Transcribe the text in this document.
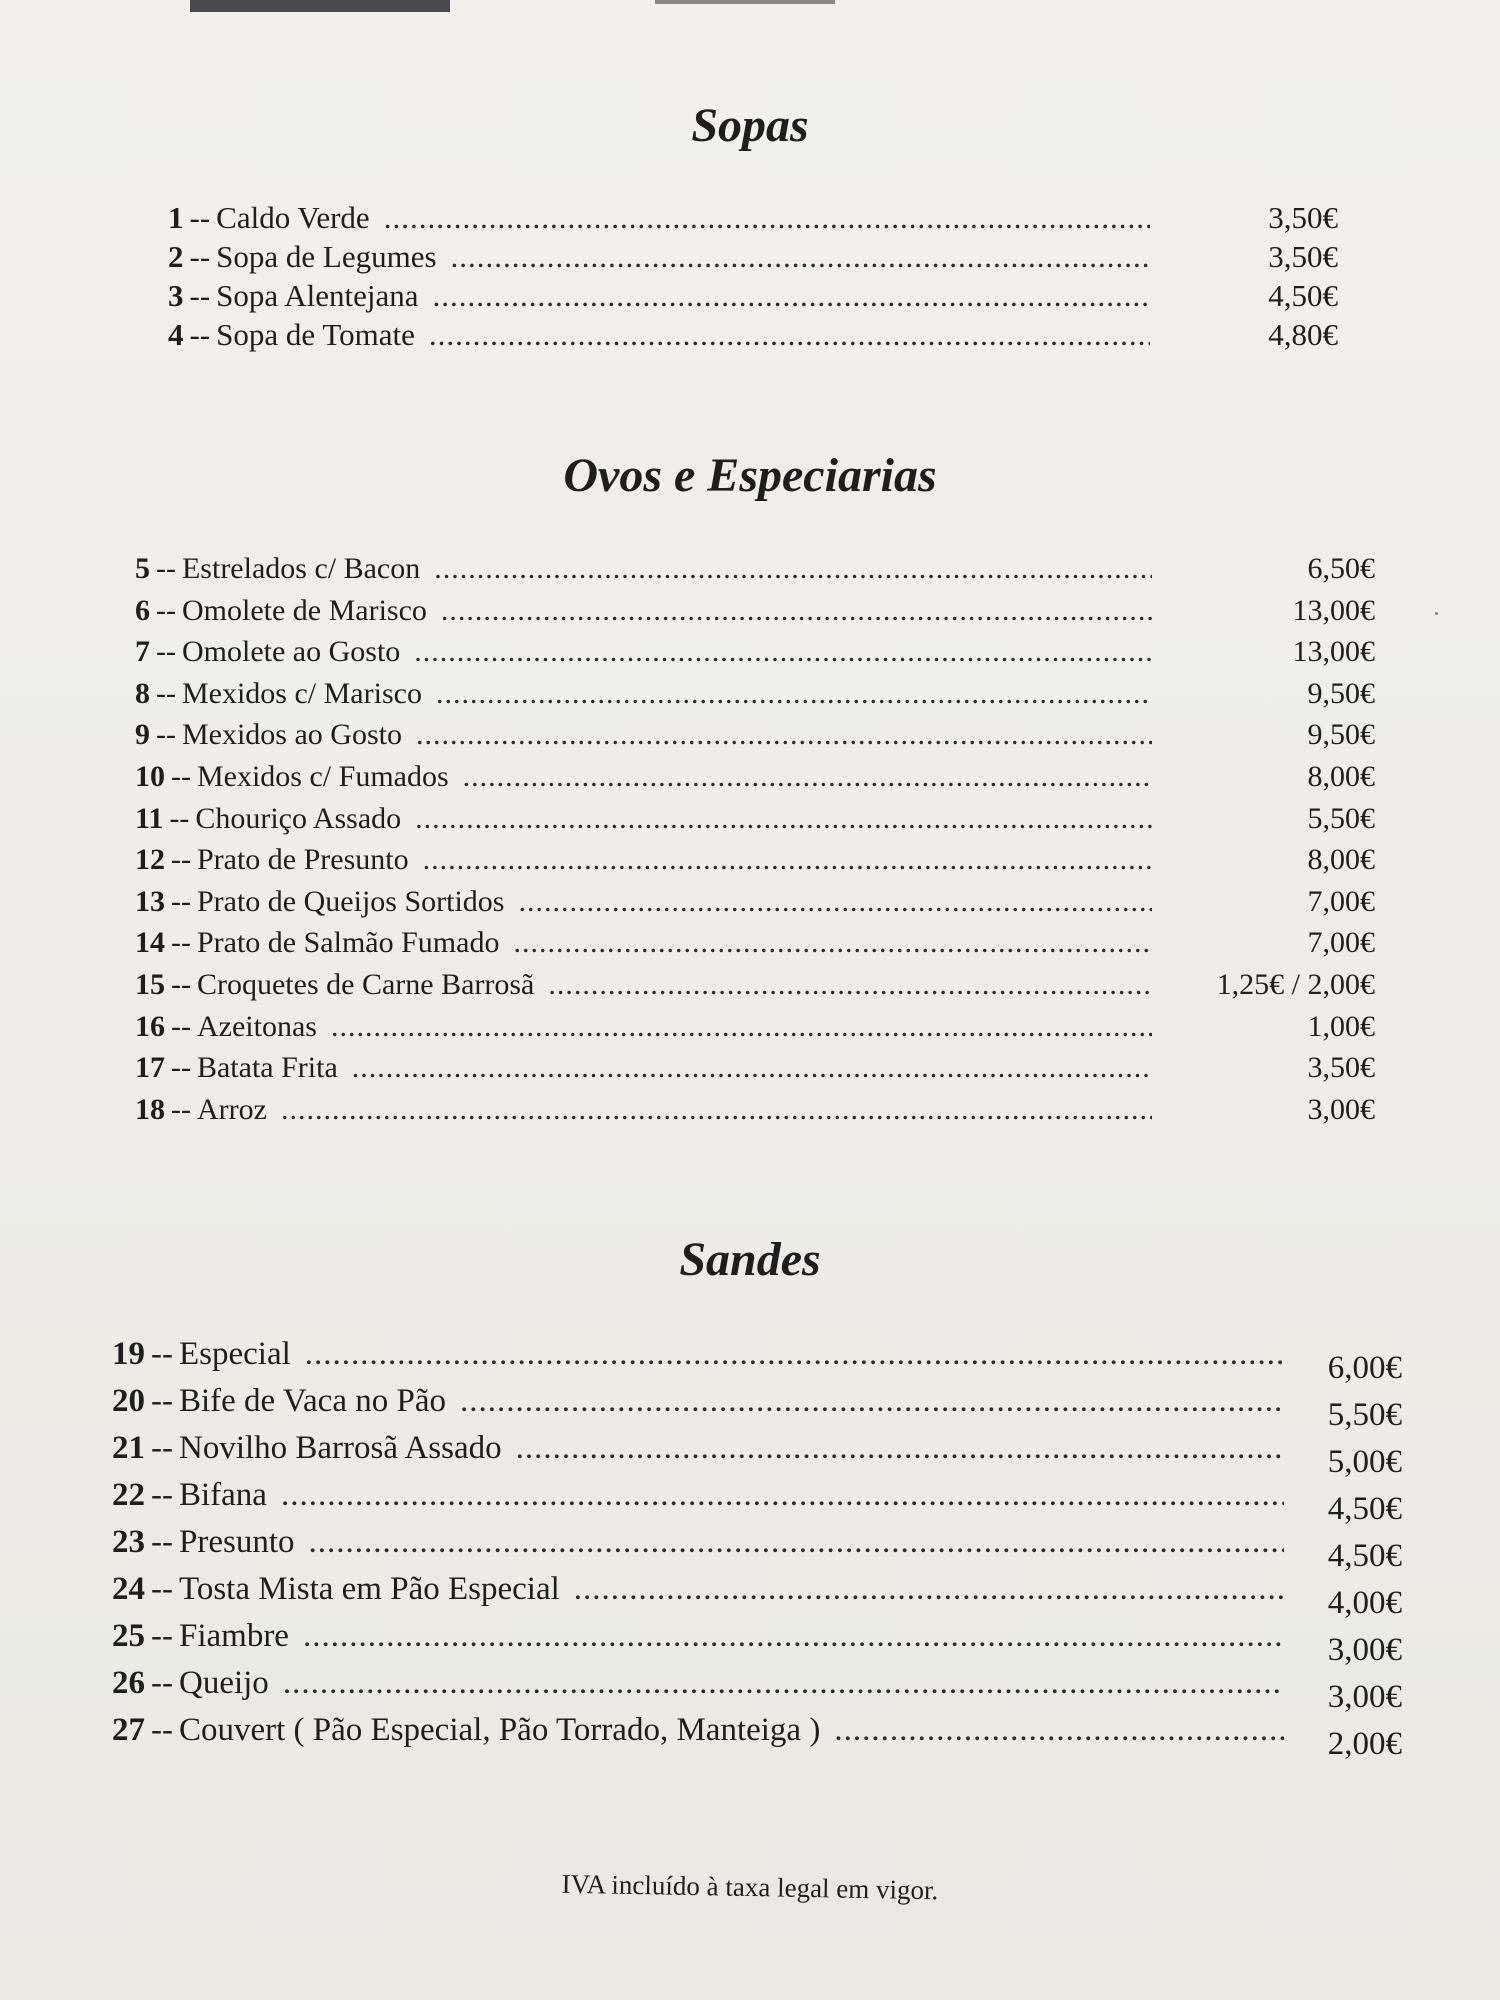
Sopas
1 -- Caldo Verde .....	3,50€
2 -- Sopa de Legumes .....	3,50€
3 -- Sopa Alentejana .....	4,50€
4 -- Sopa de Tomate .....	4,80€
Ovos e Especiarias
5 -- Estrelados c/ Bacon .....	6,50€
6 -- Omolete de Marisco .....	13,00€
7 -- Omolete ao Gosto .....	13,00€
8 -- Mexidos c/ Marisco .....	9,50€
9 -- Mexidos ao Gosto .....	9,50€
10 -- Mexidos c/ Fumados .....	8,00€
11 -- Chouriço Assado .....	5,50€
12 -- Prato de Presunto .....	8,00€
13 -- Prato de Queijos Sortidos .....	7,00€
14 -- Prato de Salmão Fumado .....	7,00€
15 -- Croquetes de Carne Barrosã .....	1,25€ / 2,00€
16 -- Azeitonas .....	1,00€
17 -- Batata Frita .....	3,50€
18 -- Arroz .....	3,00€
Sandes
19 -- Especial .....	6,00€
20 -- Bife de Vaca no Pão .....	5,50€
21 -- Novilho Barrosã Assado .....	5,00€
22 -- Bifana .....	4,50€
23 -- Presunto .....	4,50€
24 -- Tosta Mista em Pão Especial .....	4,00€
25 -- Fiambre .....	3,00€
26 -- Queijo .....	3,00€
27 -- Couvert ( Pão Especial, Pão Torrado, Manteiga ) .....	2,00€

IVA incluído à taxa legal em vigor.
